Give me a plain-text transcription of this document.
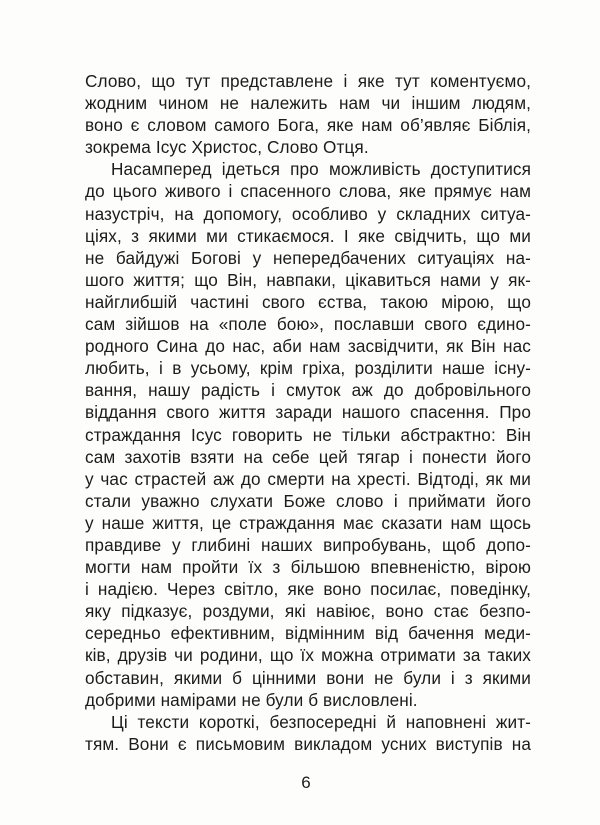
Слово, що тут представлене і яке тут коментуємо,
жодним чином не належить нам чи іншим людям,
воно є словом самого Бога, яке нам об’являє Біблія,
зокрема Ісус Христос, Слово Отця.
Насамперед ідеться про можливість доступитися
до цього живого і спасенного слова, яке прямує нам
назустріч, на допомогу, особливо у складних ситуа-
ціях, з якими ми стикаємося. І яке свідчить, що ми
не байдужі Богові у непередбачених ситуаціях на-
шого життя; що Він, навпаки, цікавиться нами у як-
найглибшій частині свого єства, такою мірою, що
сам зійшов на «поле бою», пославши свого єдино-
родного Сина до нас, аби нам засвідчити, як Він нас
любить, і в усьому, крім гріха, розділити наше існу-
вання, нашу радість і смуток аж до добровільного
віддання свого життя заради нашого спасення. Про
страждання Ісус говорить не тільки абстрактно: Він
сам захотів взяти на себе цей тягар і понести його
у час страстей аж до смерти на хресті. Відтоді, як ми
стали уважно слухати Боже слово і приймати його
у наше життя, це страждання має сказати нам щось
правдиве у глибині наших випробувань, щоб допо-
могти нам пройти їх з більшою впевненістю, вірою
і надією. Через світло, яке воно посилає, поведінку,
яку підказує, роздуми, які навіює, воно стає безпо-
середньо ефективним, відмінним від бачення меди-
ків, друзів чи родини, що їх можна отримати за таких
обставин, якими б цінними вони не були і з якими
добрими намірами не були б висловлені.
Ці тексти короткі, безпосередні й наповнені жит-
тям. Вони є письмовим викладом усних виступів на
6
